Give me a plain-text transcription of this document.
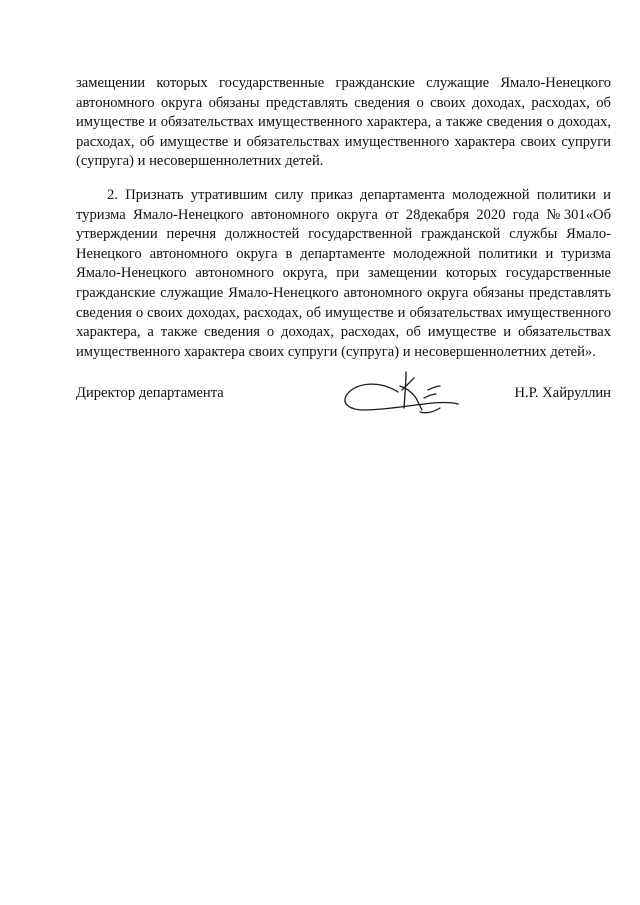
замещении которых государственные гражданские служащие Ямало-Ненецкого автономного округа обязаны представлять сведения о своих доходах, расходах, об имуществе и обязательствах имущественного характера, а также сведения о доходах, расходах, об имуществе и обязательствах имущественного характера своих супруги (супруга) и несовершеннолетних детей.

2. Признать утратившим силу приказ департамента молодежной политики и туризма Ямало-Ненецкого автономного округа от 28декабря 2020 года №301«Об утверждении перечня должностей государственной гражданской службы Ямало-Ненецкого автономного округа в департаменте молодежной политики и туризма Ямало-Ненецкого автономного округа, при замещении которых государственные гражданские служащие Ямало-Ненецкого автономного округа обязаны представлять сведения о своих доходах, расходах, об имуществе и обязательствах имущественного характера, а также сведения о доходах, расходах, об имуществе и обязательствах имущественного характера своих супруги (супруга) и несовершеннолетних детей».

Директор департамента	Н.Р. Хайруллин
